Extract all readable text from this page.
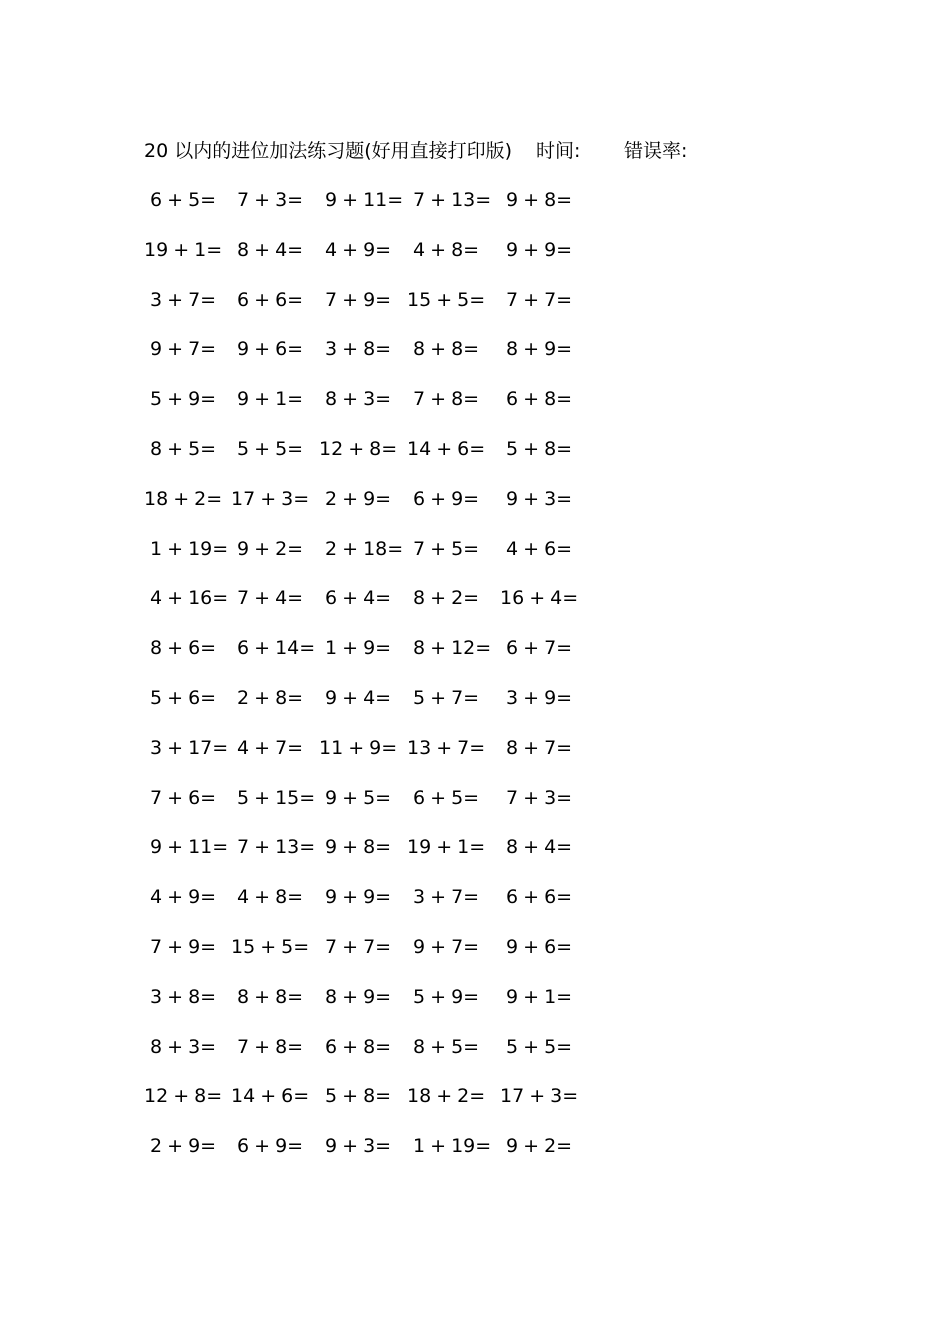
20 以内的进位加法练习题(好用直接打印版) 时间: 错误率:
6 + 5= 7 + 3= 9 + 11= 7 + 13= 9 + 8=
19 + 1= 8 + 4= 4 + 9= 4 + 8= 9 + 9=
3 + 7= 6 + 6= 7 + 9= 15 + 5= 7 + 7=
9 + 7= 9 + 6= 3 + 8= 8 + 8= 8 + 9=
5 + 9= 9 + 1= 8 + 3= 7 + 8= 6 + 8=
8 + 5= 5 + 5= 12 + 8= 14 + 6= 5 + 8=
18 + 2= 17 + 3= 2 + 9= 6 + 9= 9 + 3=
1 + 19= 9 + 2= 2 + 18= 7 + 5= 4 + 6=
4 + 16= 7 + 4= 6 + 4= 8 + 2= 16 + 4=
8 + 6= 6 + 14= 1 + 9= 8 + 12= 6 + 7=
5 + 6= 2 + 8= 9 + 4= 5 + 7= 3 + 9=
3 + 17= 4 + 7= 11 + 9= 13 + 7= 8 + 7=
7 + 6= 5 + 15= 9 + 5= 6 + 5= 7 + 3=
9 + 11= 7 + 13= 9 + 8= 19 + 1= 8 + 4=
4 + 9= 4 + 8= 9 + 9= 3 + 7= 6 + 6=
7 + 9= 15 + 5= 7 + 7= 9 + 7= 9 + 6=
3 + 8= 8 + 8= 8 + 9= 5 + 9= 9 + 1=
8 + 3= 7 + 8= 6 + 8= 8 + 5= 5 + 5=
12 + 8= 14 + 6= 5 + 8= 18 + 2= 17 + 3=
2 + 9= 6 + 9= 9 + 3= 1 + 19= 9 + 2=
